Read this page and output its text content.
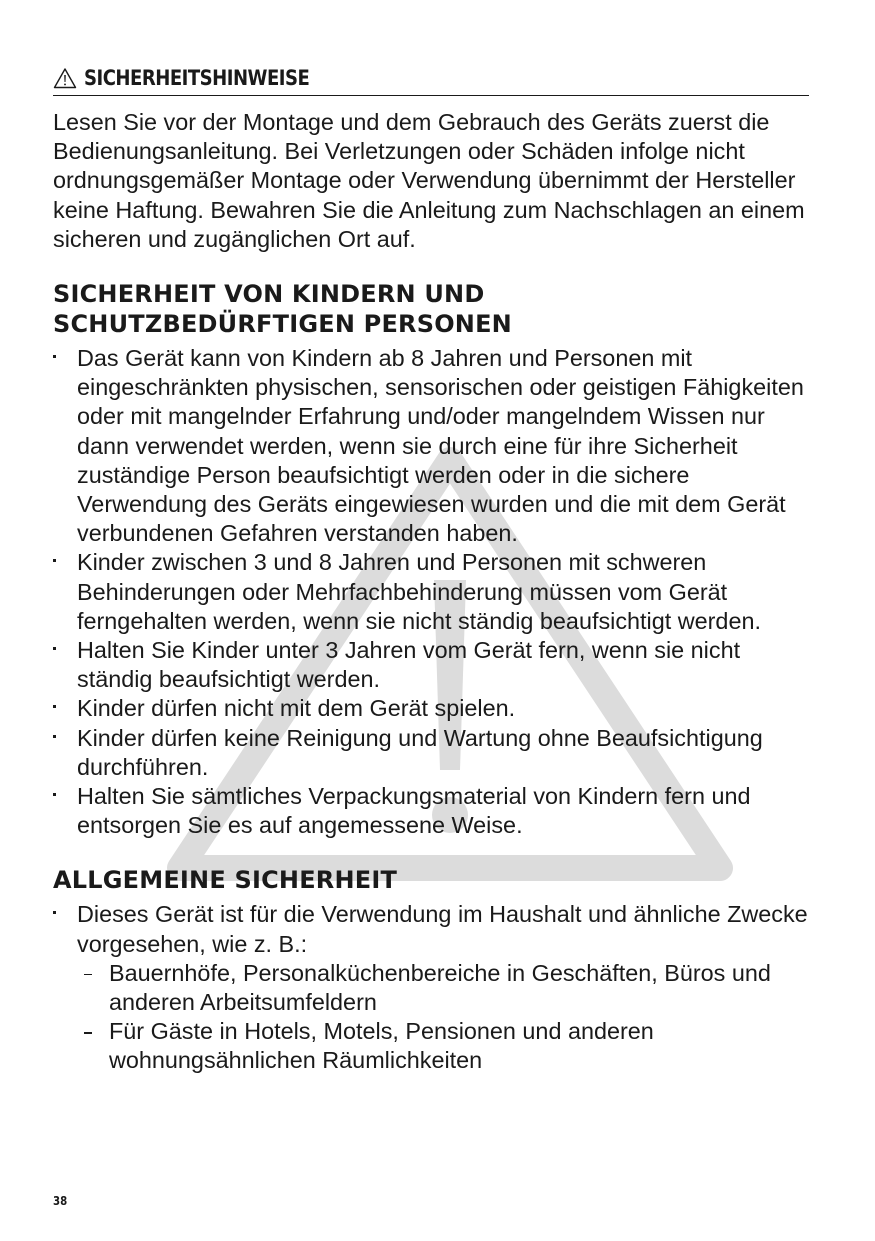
SICHERHEITSHINWEISE

Lesen Sie vor der Montage und dem Gebrauch des Geräts zuerst die Bedienungsanleitung. Bei Verletzungen oder Schäden infolge nicht ordnungsgemäßer Montage oder Verwendung übernimmt der Hersteller keine Haftung. Bewahren Sie die Anleitung zum Nachschlagen an einem sicheren und zugänglichen Ort auf.

SICHERHEIT VON KINDERN UND
SCHUTZBEDÜRFTIGEN PERSONEN
Das Gerät kann von Kindern ab 8 Jahren und Personen mit eingeschränkten physischen, sensorischen oder geistigen Fähigkeiten oder mit mangelnder Erfahrung und/oder mangelndem Wissen nur dann verwendet werden, wenn sie durch eine für ihre Sicherheit zuständige Person beaufsichtigt werden oder in die sichere Verwendung des Geräts eingewiesen wurden und die mit dem Gerät verbundenen Gefahren verstanden haben.
Kinder zwischen 3 und 8 Jahren und Personen mit schweren Behinderungen oder Mehrfachbehinderung müssen vom Gerät ferngehalten werden, wenn sie nicht ständig beaufsichtigt werden.
Halten Sie Kinder unter 3 Jahren vom Gerät fern, wenn sie nicht ständig beaufsichtigt werden.
Kinder dürfen nicht mit dem Gerät spielen.
Kinder dürfen keine Reinigung und Wartung ohne Beaufsichtigung durchführen.
Halten Sie sämtliches Verpackungsmaterial von Kindern fern und entsorgen Sie es auf angemessene Weise.
ALLGEMEINE SICHERHEIT
Dieses Gerät ist für die Verwendung im Haushalt und ähnliche Zwecke vorgesehen, wie z. B.:
Bauernhöfe, Personalküchenbereiche in Geschäften, Büros und anderen Arbeitsumfeldern
Für Gäste in Hotels, Motels, Pensionen und anderen wohnungsähnlichen Räumlichkeiten
38
